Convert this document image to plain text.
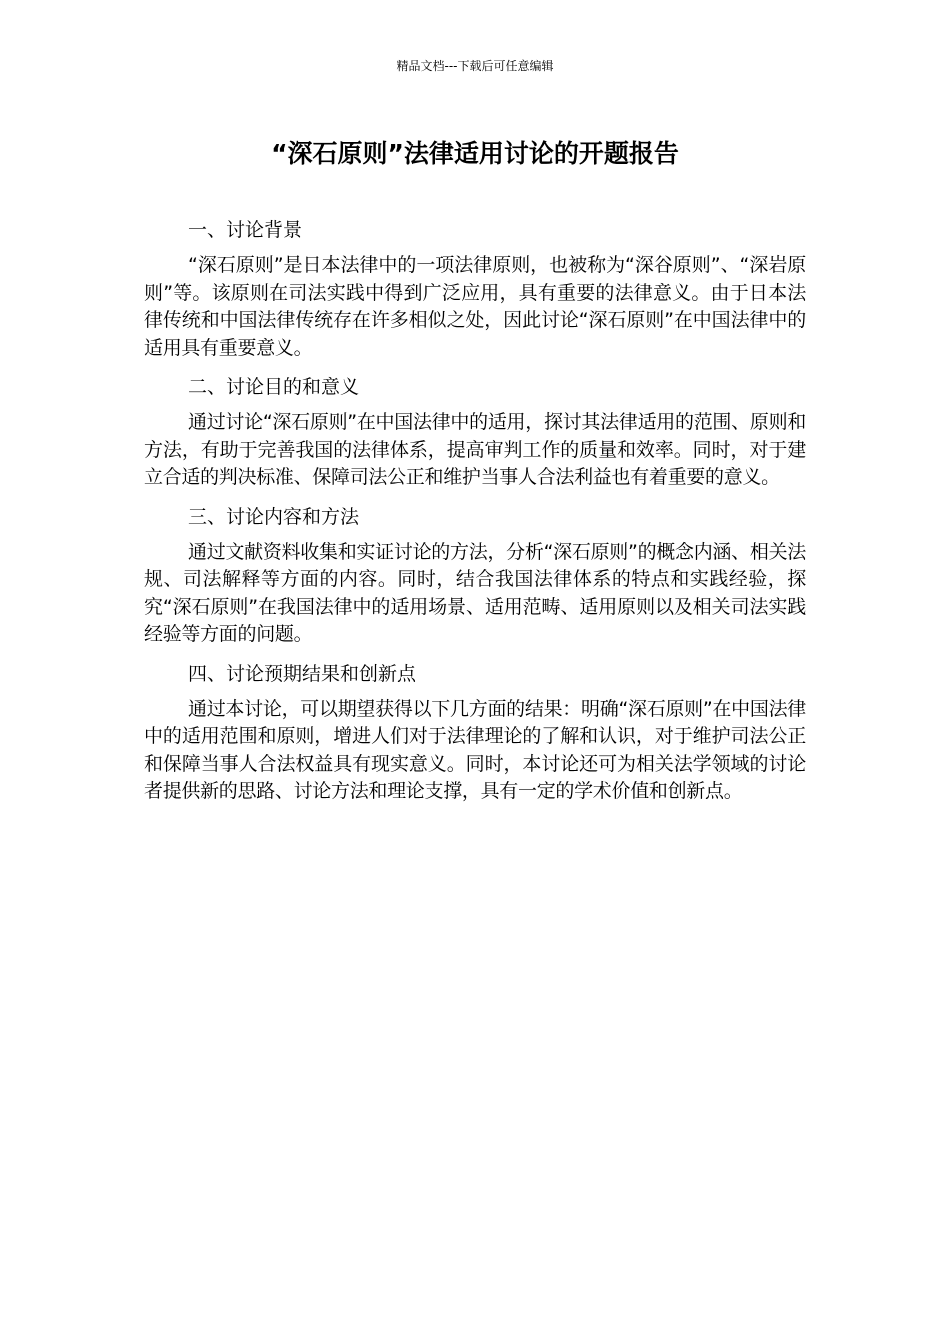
精品文档---下载后可任意编辑
“深石原则”法律适用讨论的开题报告

一、讨论背景

“深石原则”是日本法律中的一项法律原则，也被称为“深谷原则”、“深岩原则”等。该原则在司法实践中得到广泛应用，具有重要的法律意义。由于日本法律传统和中国法律传统存在许多相似之处，因此讨论“深石原则”在中国法律中的适用具有重要意义。

二、讨论目的和意义

通过讨论“深石原则”在中国法律中的适用，探讨其法律适用的范围、原则和方法，有助于完善我国的法律体系，提高审判工作的质量和效率。同时，对于建立合适的判决标准、保障司法公正和维护当事人合法利益也有着重要的意义。

三、讨论内容和方法

通过文献资料收集和实证讨论的方法，分析“深石原则”的概念内涵、相关法规、司法解释等方面的内容。同时，结合我国法律体系的特点和实践经验，探究“深石原则”在我国法律中的适用场景、适用范畴、适用原则以及相关司法实践经验等方面的问题。

四、讨论预期结果和创新点

通过本讨论，可以期望获得以下几方面的结果：明确“深石原则”在中国法律中的适用范围和原则，增进人们对于法律理论的了解和认识，对于维护司法公正和保障当事人合法权益具有现实意义。同时，本讨论还可为相关法学领域的讨论者提供新的思路、讨论方法和理论支撑，具有一定的学术价值和创新点。
